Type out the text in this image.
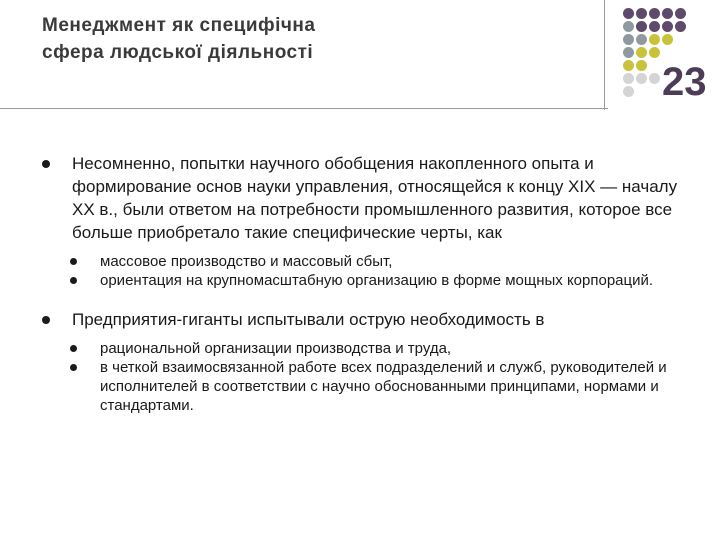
Менеджмент як специфічна
сфера людської діяльності
23
Несомненно, попытки научного обобщения накопленного опыта и формирование основ науки управления, относящейся к концу XIX — началу XX в., были ответом на потребности промышленного развития, которое все больше приобретало такие специфические черты, как
массовое производство и массовый сбыт,
ориентация на крупномасштабную организацию в форме мощных корпораций.
Предприятия-гиганты испытывали острую необходимость в
рациональной организации производства и труда,
в четкой взаимосвязанной работе всех подразделений и служб, руководителей и исполнителей в соответствии с научно обоснованными принципами, нормами и стандартами.
